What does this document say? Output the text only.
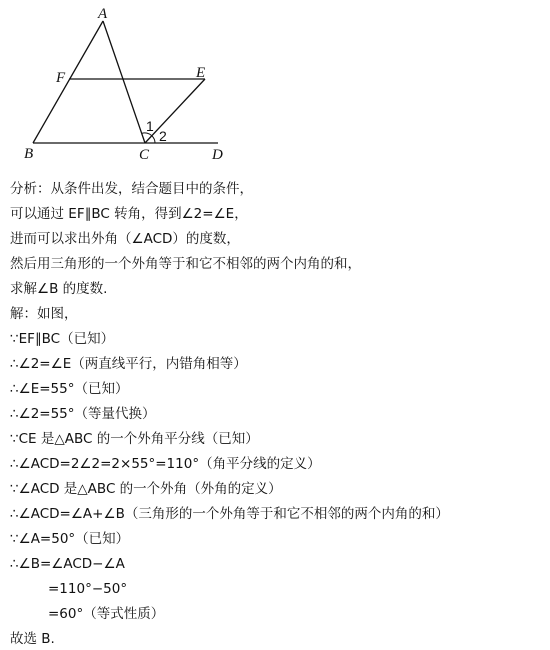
A
F	E
B	C	D
1
2
分析：从条件出发，结合题目中的条件，
可以通过 EF∥BC 转角，得到∠2=∠E，
进而可以求出外角（∠ACD）的度数，
然后用三角形的一个外角等于和它不相邻的两个内角的和，
求解∠B 的度数.
解：如图，
∵EF∥BC（已知）
∴∠2=∠E（两直线平行，内错角相等）
∴∠E=55°（已知）
∴∠2=55°（等量代换）
∵CE 是△ABC 的一个外角平分线（已知）
∴∠ACD=2∠2=2×55°=110°（角平分线的定义）
∵∠ACD 是△ABC 的一个外角（外角的定义）
∴∠ACD=∠A+∠B（三角形的一个外角等于和它不相邻的两个内角的和）
∵∠A=50°（已知）
∴∠B=∠ACD−∠A
=110°−50°
=60°（等式性质）
故选 B.
